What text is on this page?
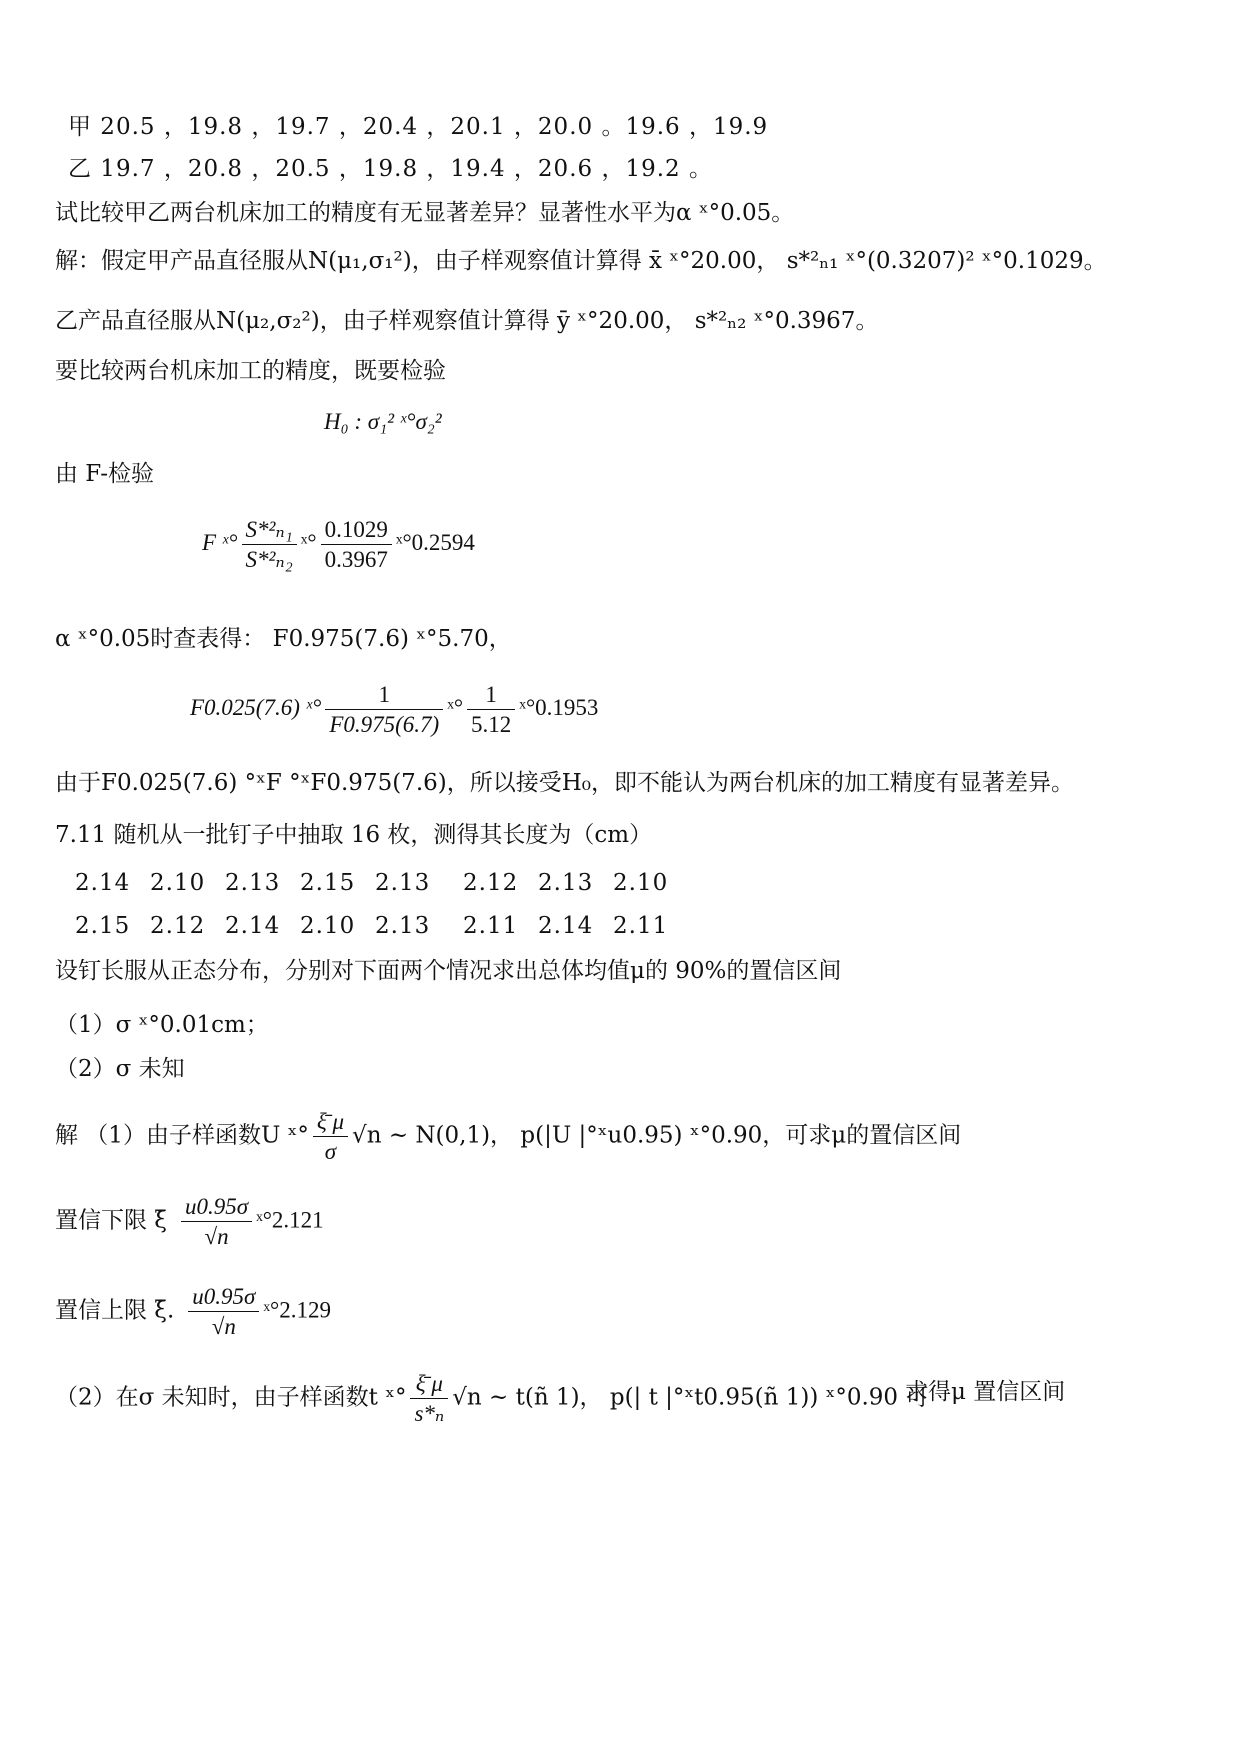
甲 20.5 ，19.8 ，19.7 ，20.4 ，20.1 ，20.0 。19.6 ，19.9
乙 19.7 ，20.8 ，20.5 ，19.8 ，19.4 ，20.6 ，19.2 。
试比较甲乙两台机床加工的精度有无显著差异？显著性水平为α ˣ°0.05。
解：假定甲产品直径服从N(μ₁,σ₁²)，由子样观察值计算得 x̄ ˣ°20.00， s*²ₙ₁ ˣ°(0.3207)² ˣ°0.1029。
乙产品直径服从N(μ₂,σ₂²)，由子样观察值计算得 ȳ ˣ°20.00， s*²ₙ₂ ˣ°0.3967。
要比较两台机床加工的精度，既要检验
H₀ : σ₁² ˣ°σ₂²
由 F-检验
F ˣ° $\frac{\text{S*²ₙ₁}}{\text{S*²ₙ₂}}$ ˣ° $\frac{0.1029}{0.3967}$ ˣ°0.2594
α ˣ°0.05时查表得： F0.975(7.6) ˣ°5.70，
F0.025(7.6) ˣ° $\frac{1}{F0.975(6.7)}$ ˣ° $\frac{1}{5.12}$ ˣ°0.1953
由于F0.025(7.6) °ˣF °ˣF0.975(7.6)，所以接受H₀，即不能认为两台机床的加工精度有显著差异。
7.11 随机从一批钉子中抽取 16 枚，测得其长度为（cm）
2.14 2.10 2.13 2.15 2.13 2.12 2.13 2.10
2.15 2.12 2.14 2.10 2.13 2.11 2.14 2.11
设钉长服从正态分布，分别对下面两个情况求出总体均值μ的 90%的置信区间
（1）σ ˣ°0.01cm；
（2）σ 未知
解 （1）由子样函数U ˣ° $\frac{\xī \mu}{\sigma} √n$ ~ N(0,1)， p(|U |°ˣu0.95) ˣ°0.90，可求μ的置信区间
置信下限 ξ̄ $\frac{u0.95\sigma}{√n}$ ˣ°2.121
置信上限 ξ̄. $\frac{u0.95\sigma}{√n}$ ˣ°2.129
（2）在σ 未知时，由子样函数t ˣ° $\frac{\xī \mu}{\text{s*ₙ}} √n$ ~ t(ñ 1)， p(| t |°ˣt0.95(ñ 1)) ˣ°0.90 可
求得μ 置信区间
